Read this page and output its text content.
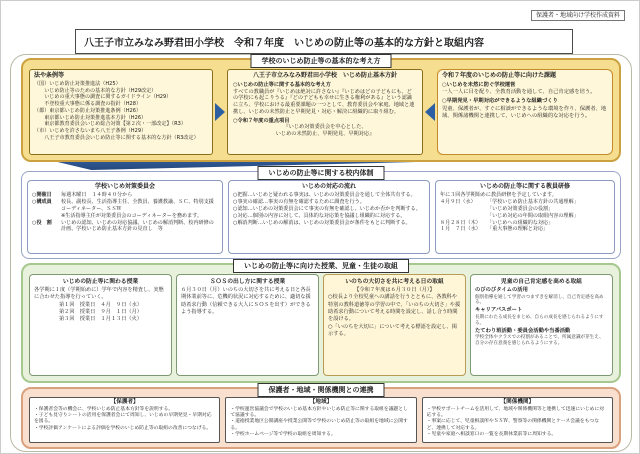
保護者・地域向け学校作成資料
八王子市立みなみ野君田小学校　令和７年度　いじめの防止等の基本的な方針と取組内容
学校のいじめ防止等の基本的な考え方
法や条例等
（国）いじめ防止対策推進法（H25）
　　いじめ防止等のための基本的な方針（H29改定）
　　いじめの重大事態の調査に関するガイドライン（H29）
　　不登校重大事態に係る調査の指針（H28）
（都）東京都いじめ防止対策推進条例（H26）
　　東京都いじめ防止対策推進基本方針（H26）
　　東京都教育委員会いじめ総合対策【第２次・一部改定】（R3）
（市）いじめを許さないまち八王子条例（H29）
　　八王子市教育委員会いじめ防止等に関する基本的な方針（R3改定）
八王子市立みなみ野君田小学校　いじめ防止基本方針
○いじめの防止等に関する基本的な考え方
すべての教職員が『いじめは絶対に許さない』『いじめはどの子どもにも、どの学校にも起こりうる』『どの子どもも幸せに生きる権利がある』という認識に立ち、学校における最重要課題の一つとして、教育委員会や家庭、地域と連携し、いじめの未然防止と早期発見・対応・解決に組織的に取り組む。
○令和７年度の重点項目
『いじめ対策委員会を中心とした、
いじめの未然防止、早期発見、早期対応』
令和７年度のいじめの防止等に向けた課題
○いじめを未然に防ぐ学校運営
一人一人に目を配り、全教育活動を通して、自己肯定感を培う。
○早期発見・早期対応ができるような組織づくり
児童、保護者が、すぐに相談ができるような環境を作り、保護者、地域、関係諸機関と連携して、いじめへの組織的な対応を行う。
いじめの防止等に関する校内体制
学校いじめ対策委員会
○開催日	毎週木曜日　１４時４０分から
○構成員	校長、副校長、生活指導主任、全教員、養護教諭、ＳＣ、特別支援コーディネーター、ＳＳＷ
※生活指導主任が対策委員会のコーディネーターを務めます。
○役　割	いじめの認知、いじめの対応協議、いじめの解消判断、校内研修の計画、学校いじめ防止基本方針の見直し　等
いじめの対応の流れ
○把握…いじめと疑われる事実は、いじめの対策委員会を通して全体共有する。
○事実の確認…事実の有無を確認するために調査を行う。
○認知…いじめの対策委員会にて事実の有無を確認し、いじめか否かを判断する。
○対応…個別の内容に対して、具体的な対応策を協議し組織的に対応する。
○解消判断…いじめの解消は、いじめの対策委員会が条件をもとに判断する。
いじめの防止等に関する教員研修
年に３回各学期始めに教員研修を予定しています。
４月９日（水）	「学校いじめ防止基本方針の共通理解」
「いじめ対策委員会の役割」
「いじめ対応の年間の取組内容の理解」
８月２８日（木）	「いじめへの組織的な対応」
１月　７日（水）	「重大事態の理解と対応」
いじめの防止等に向けた授業、児童・生徒の取組
いじめの防止等に関わる授業
各学期に１度（学期始めに）学年で内容を精査し、実態に合わせた指導を行っていく。
第１回　授業日　４月　９日（水）
第２回　授業日　９月　１日（月）
第３回　授業日　１月１３日（火）
ＳＯＳの出し方に関する授業
６月３０日（月）いのちの大切さを共に考える日と各長期休業前等に、危機的状況に対応するために、適切な援助希求行動（信頼できる大人にＳＯＳを出す）ができるよう指導する。
いのちの大切さを共に考える日の取組
【令和７年度は６月３０日（月）】
○校長より全校児童への講話を行うとともに、各教科や特別の教科道徳等の学習の中で、「いのちの大切さ」や援助希求行動について考える時間を設定し、話し合う時間を設ける。
○「いのちを大切に」について考える標語を設定し、掲示する。
児童の自己肯定感を高める取組
のびのびタイムの活用
個別指導を通して学習のつまずきを解消し、自己肯定感を高める。
キャリアパスポート
長期にわたる成長をまとめ、自らの成長を感じられるようにする。
たてわり班活動・委員会活動や当番活動
学校全体やクラスでの役割があることで、所属意識が芽生え、自分の存在意義を感じられるようにする。
保護者・地域・関係機関との連携
【保護者】
・保護者会等の機会に、学校いじめ防止基本方針等を説明する。
・子ども見守りシートの活用を保護者会にて周知し、いじめの早期発見・早期対応を図る。
・学校評価アンケートによる評価を学校のいじめ防止等の取組の改善につなげる。
【地域】
・学校運営協議会で学校のいじめ基本方針やいじめ防止等に関する取組を議題として協議する。
・道徳授業地区公開講座や授業公開等で学校のいじめ防止等の取組を地域に公開する。
・学校ホームページ等で学校の取組を周知する。
【関係機関】
・学校サポートチームを活用して、地域や関係機関等と連携して迅速にいじめに対応する。
・事案に応じて、児童相談所やＳＳＷ、警察等の関係機関とケース会議をもつなど、連携して対応する。
・児童や家庭へ相談窓口の一覧を長期休業前等に周知する。
